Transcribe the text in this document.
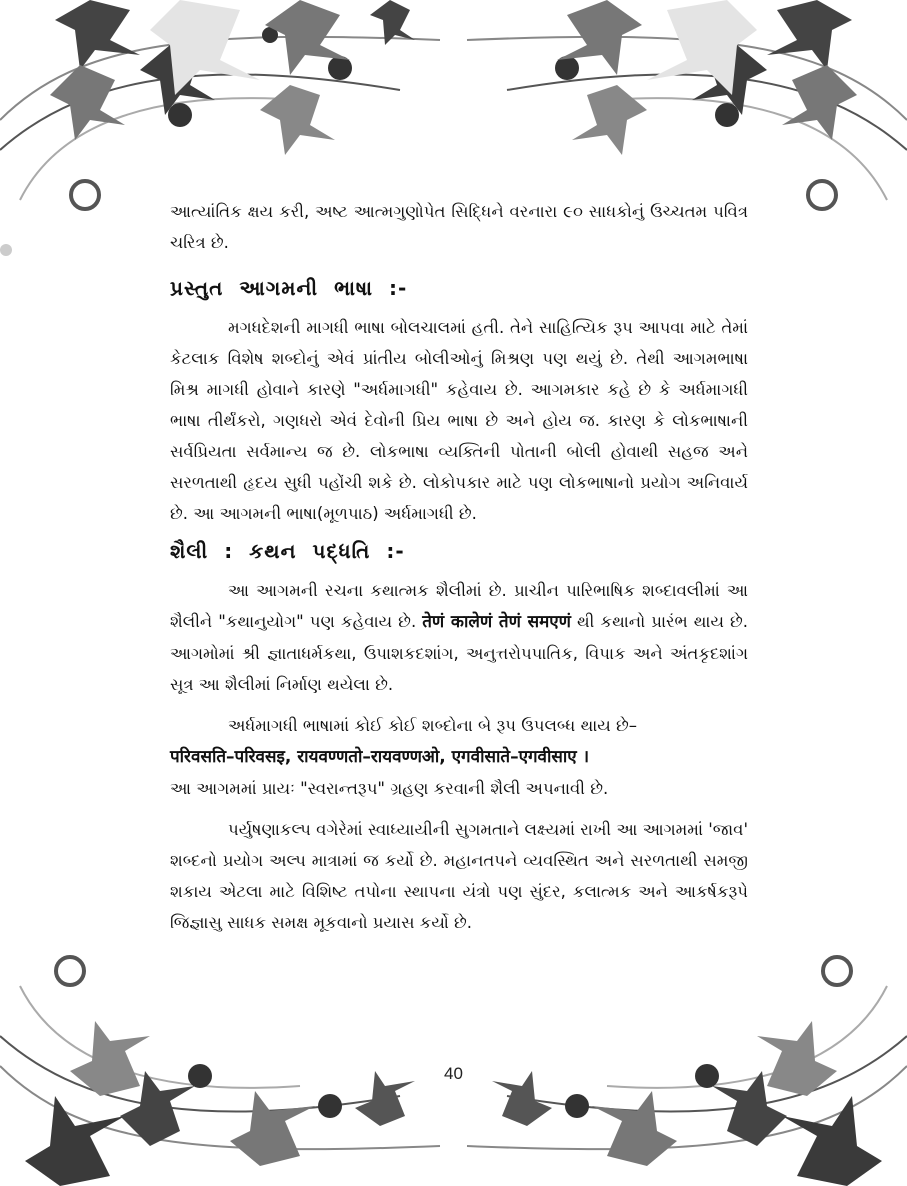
આત્યાંતિક ક્ષય કરી, અષ્ટ આત્મગુણોપેત સિદ્ધિને વરનારા ૯૦ સાધકોનું ઉચ્ચતમ પવિત્ર ચરિત્ર છે.

પ્રસ્તુત આગમની ભાષા :-

મગધદેશની માગધી ભાષા બોલચાલમાં હતી. તેને સાહિત્યિક રૂપ આપવા માટે તેમાં કેટલાક વિશેષ શબ્દોનું એવં પ્રાંતીય બોલીઓનું મિશ્રણ પણ થયું છે. તેથી આગમભાષા મિશ્ર માગધી હોવાને કારણે "અર્ધમાગધી" કહેવાય છે. આગમકાર કહે છે કે અર્ધમાગધી ભાષા તીર્થંકરો, ગણધરો એવં દેવોની પ્રિય ભાષા છે અને હોય જ. કારણ કે લોકભાષાની સર્વપ્રિયતા સર્વમાન્ય જ છે. લોકભાષા વ્યક્તિની પોતાની બોલી હોવાથી સહજ અને સરળતાથી હૃદય સુધી પહોંચી શકે છે. લોકોપકાર માટે પણ લોકભાષાનો પ્રયોગ અનિવાર્ય છે. આ આગમની ભાષા(મૂળપાઠ) અર્ધમાગધી છે.

શૈલી : કથન પદ્ધતિ :-

આ આગમની રચના કથાત્મક શૈલીમાં છે. પ્રાચીન પારિભાષિક શબ્દાવલીમાં આ શૈલીને "કથાનુયોગ" પણ કહેવાય છે. तेणं कालेणं तेणं समएणं થી કથાનો પ્રારંભ થાય છે. આગમોમાં શ્રી જ્ઞાતાધર્મકથા, ઉપાશકદશાંગ, અનુત્તરોપપાતિક, વિપાક અને અંતકૃદશાંગ સૂત્ર આ શૈલીમાં નિર્માણ થયેલા છે.

અર્ધમાગધી ભાષામાં કોઈ કોઈ શબ્દોના બે રૂપ ઉપલબ્ધ થાય છે–
परिवसति–परिवसइ, रायवण्णतो–रायवण्णओ, एगवीसाते–एगवीसाए ।
આ આગમમાં પ્રાયઃ "સ્વરાન્તરૂપ" ગ્રહણ કરવાની શૈલી અપનાવી છે.

પર્યુષણાકલ્પ વગેરેમાં સ્વાધ્યાયીની સુગમતાને લક્ષ્યમાં રાખી આ આગમમાં 'જાવ' શબ્દનો પ્રયોગ અલ્પ માત્રામાં જ કર્યો છે. મહાનતપને વ્યવસ્થિત અને સરળતાથી સમજી શકાય એટલા માટે વિશિષ્ટ તપોના સ્થાપના યંત્રો પણ સુંદર, કલાત્મક અને આકર્ષકરૂપે જિજ્ઞાસુ સાધક સમક્ષ મૂકવાનો પ્રયાસ કર્યો છે.

40
